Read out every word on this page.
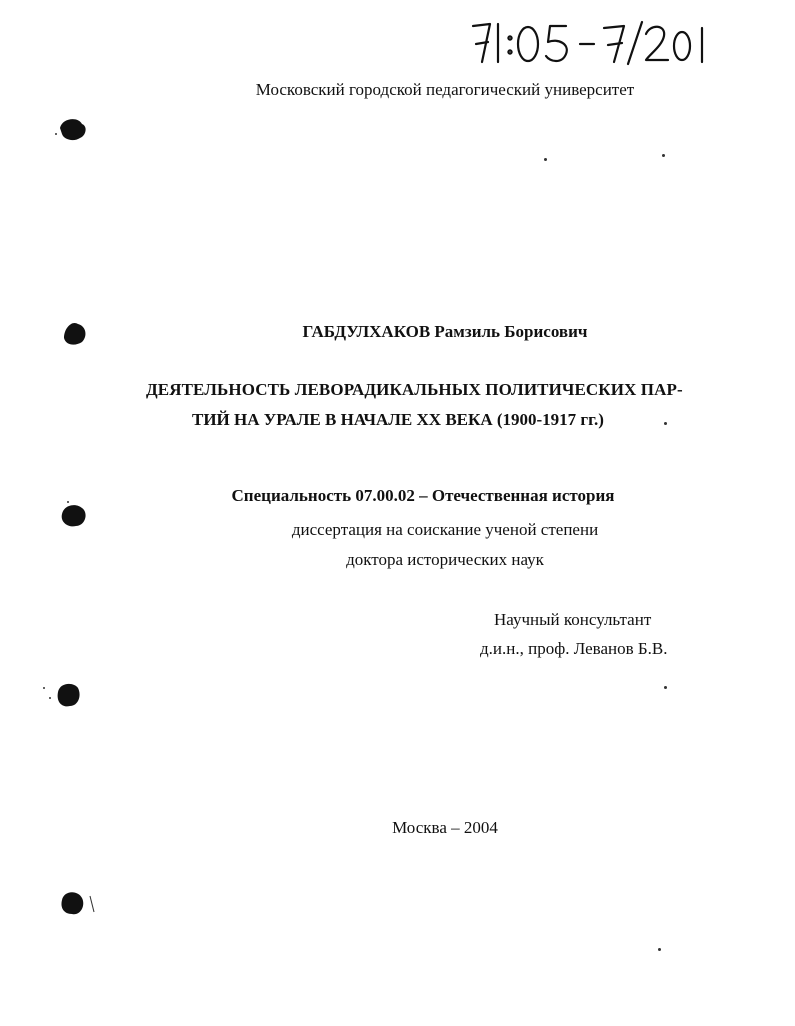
Московский городской педагогический университет
ГАБДУЛХАКОВ Рамзиль Борисович
ДЕЯТЕЛЬНОСТЬ ЛЕВОРАДИКАЛЬНЫХ ПОЛИТИЧЕСКИХ ПАР-
ТИЙ НА УРАЛЕ В НАЧАЛЕ XX ВЕКА (1900-1917 гг.)
Специальность 07.00.02 – Отечественная история
диссертация на соискание ученой степени
доктора исторических наук
Научный консультант
д.и.н., проф. Леванов Б.В.
Москва – 2004
